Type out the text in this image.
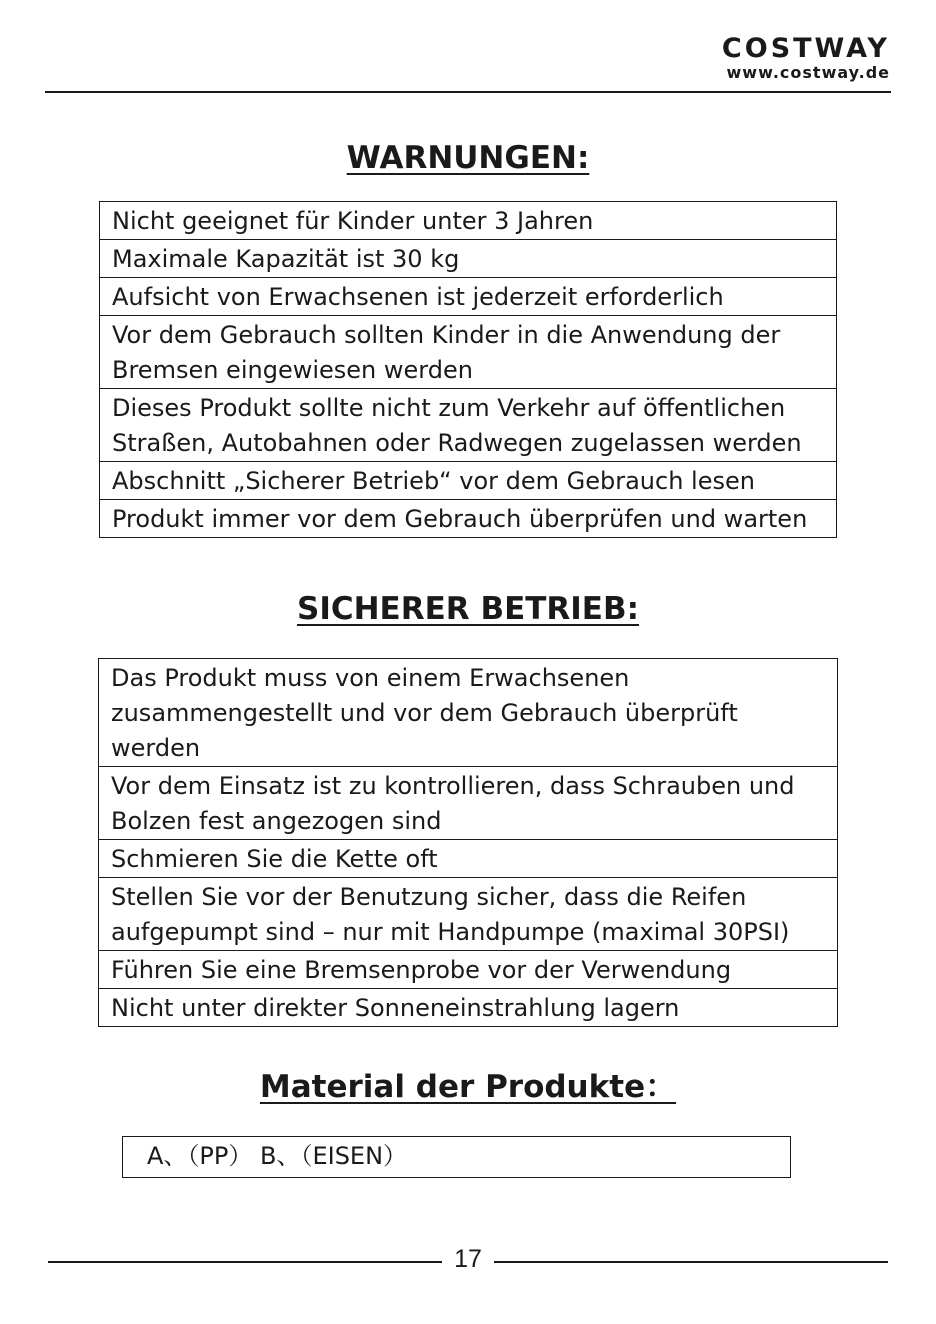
COSTWAY
www.costway.de
WARNUNGEN:
Nicht geeignet für Kinder unter 3 Jahren
Maximale Kapazität ist 30 kg
Aufsicht von Erwachsenen ist jederzeit erforderlich
Vor dem Gebrauch sollten Kinder in die Anwendung der
Bremsen eingewiesen werden
Dieses Produkt sollte nicht zum Verkehr auf öffentlichen
Straßen, Autobahnen oder Radwegen zugelassen werden
Abschnitt „Sicherer Betrieb“ vor dem Gebrauch lesen
Produkt immer vor dem Gebrauch überprüfen und warten
SICHERER BETRIEB:
Das Produkt muss von einem Erwachsenen
zusammengestellt und vor dem Gebrauch überprüft
werden
Vor dem Einsatz ist zu kontrollieren, dass Schrauben und
Bolzen fest angezogen sind
Schmieren Sie die Kette oft
Stellen Sie vor der Benutzung sicher, dass die Reifen
aufgepumpt sind – nur mit Handpumpe (maximal 30PSI)
Führen Sie eine Bremsenprobe vor der Verwendung
Nicht unter direkter Sonneneinstrahlung lagern
Material der Produkte：
A、（PP） B、（EISEN）
17
